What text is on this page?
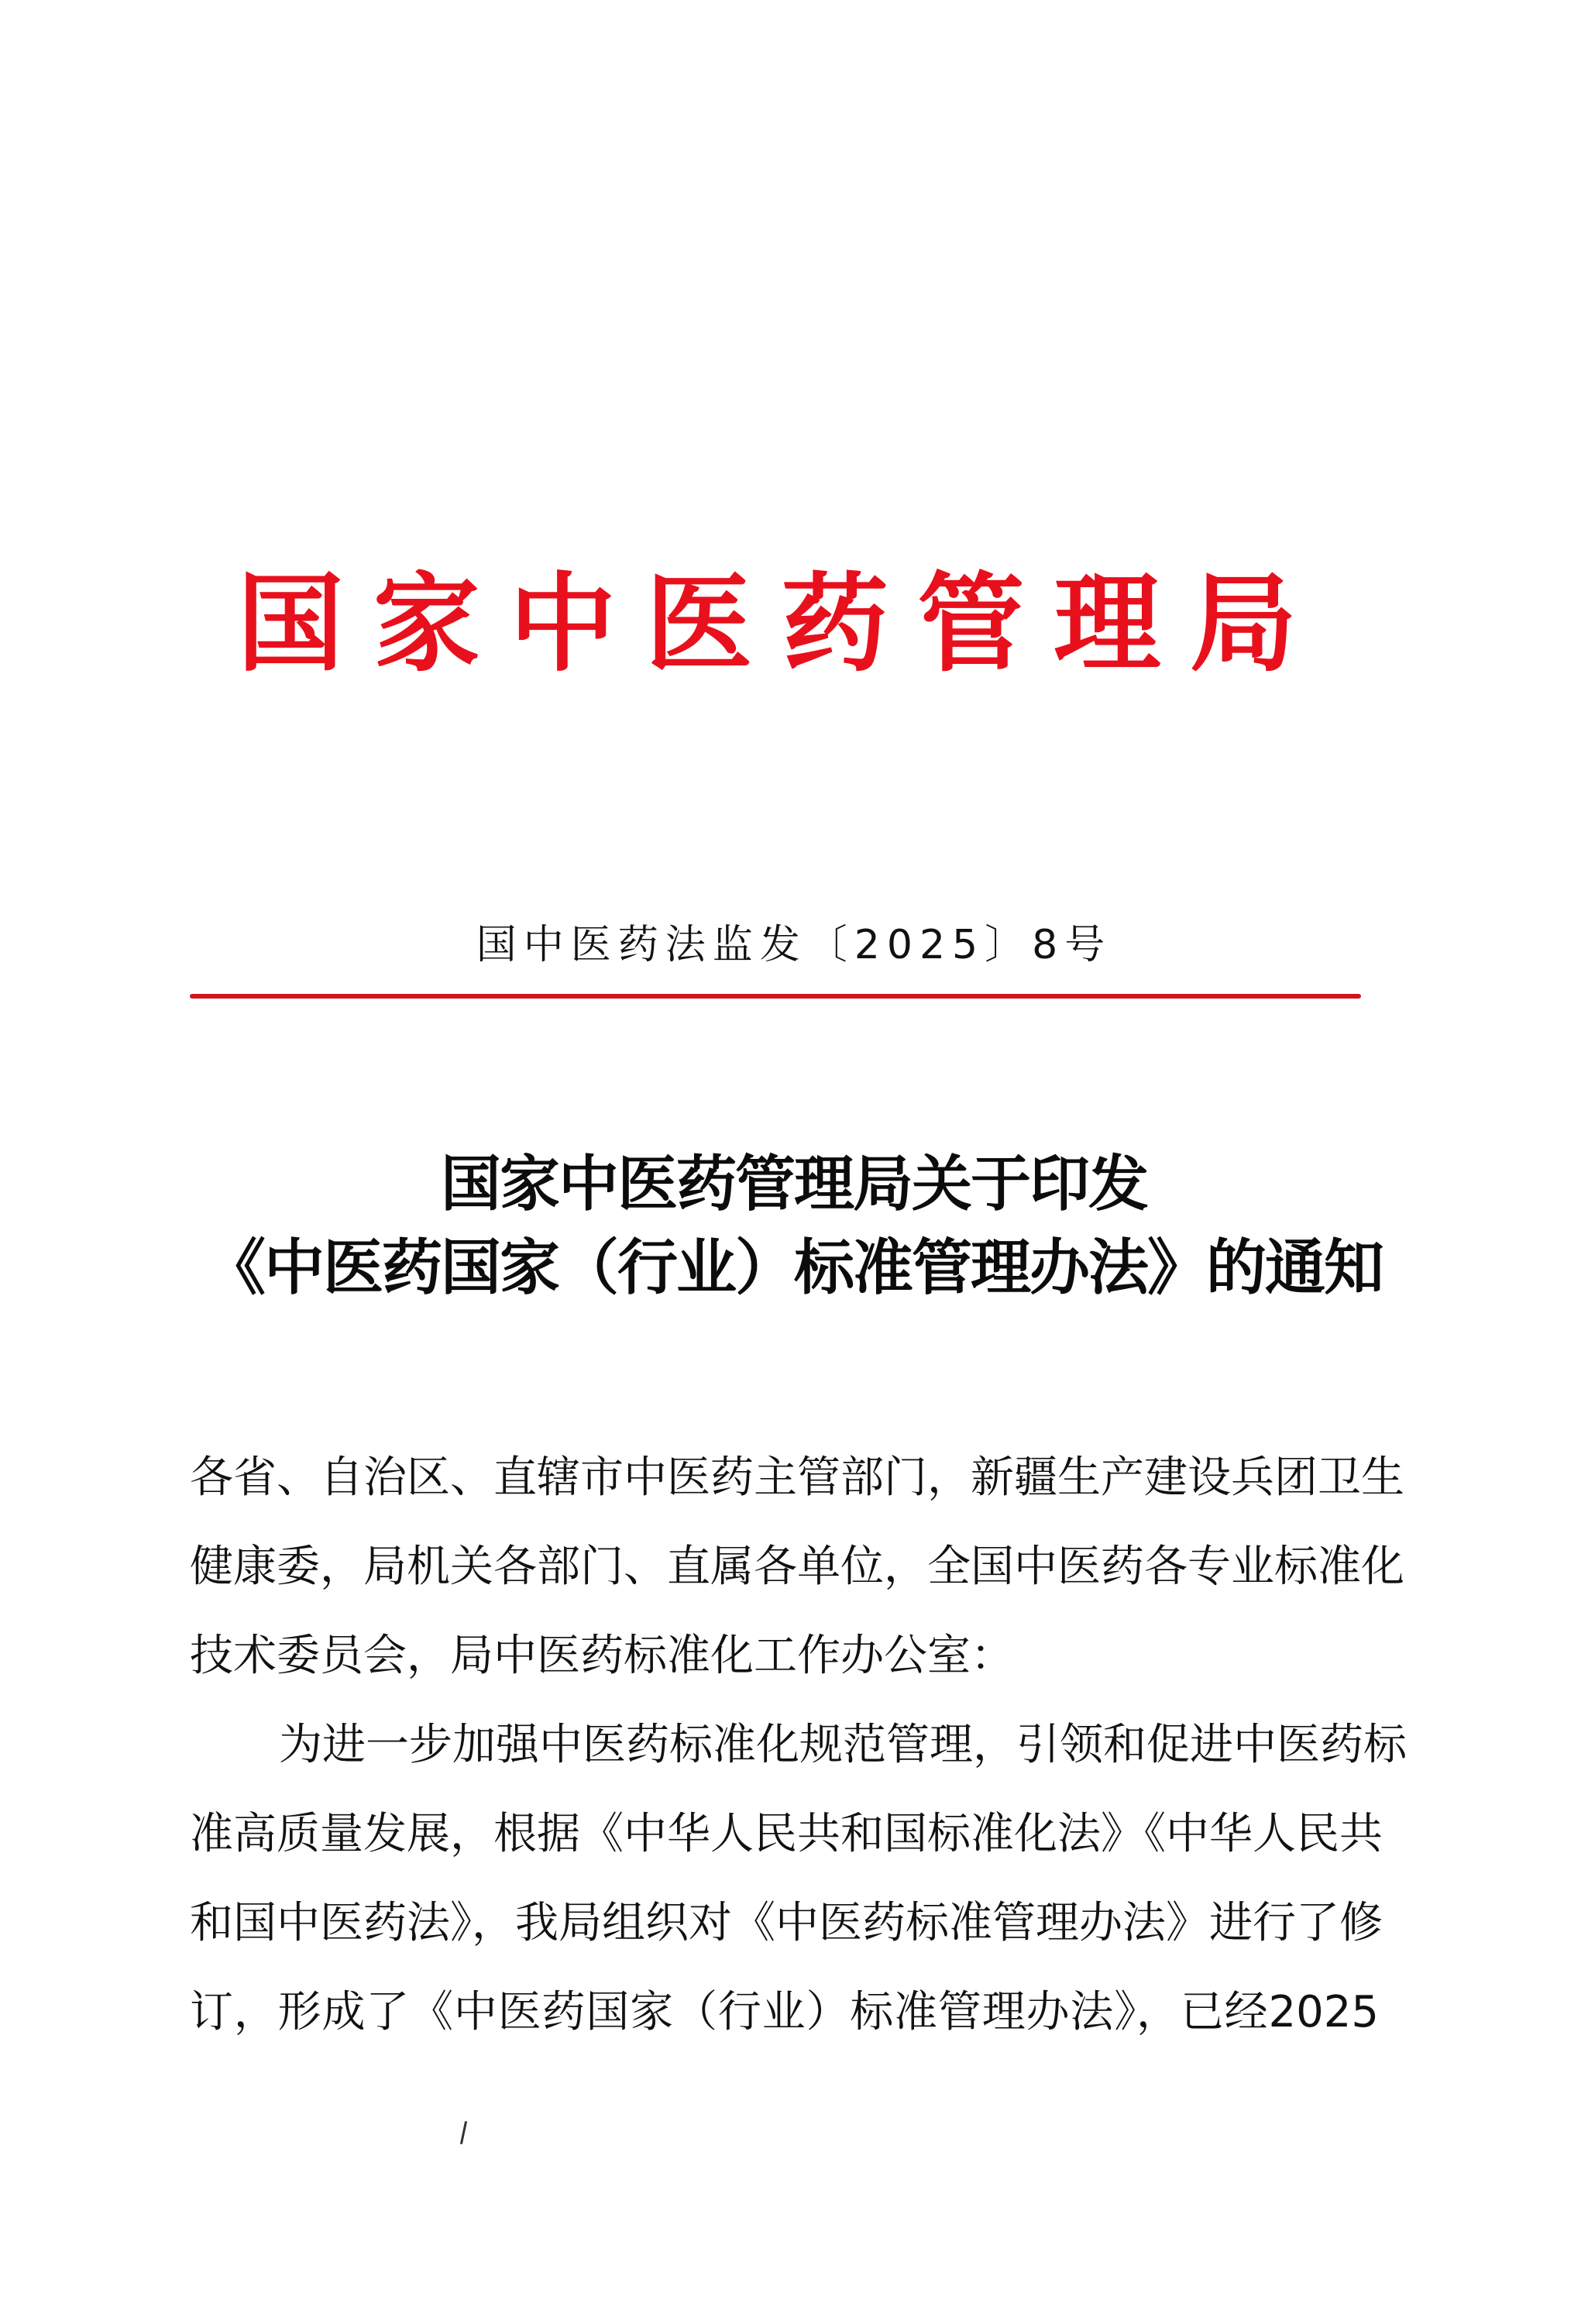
国 家 中 医 药 管 理 局
国中医药法监发〔2025〕8号
国家中医药管理局关于印发
《中医药国家（行业）标准管理办法》的通知
各省、自治区、直辖市中医药主管部门，新疆生产建设兵团卫生
健康委，局机关各部门、直属各单位，全国中医药各专业标准化
技术委员会，局中医药标准化工作办公室：
为进一步加强中医药标准化规范管理，引领和促进中医药标
准高质量发展，根据《中华人民共和国标准化法》《中华人民共
和国中医药法》，我局组织对《中医药标准管理办法》进行了修
订，形成了《中医药国家（行业）标准管理办法》，已经2025
